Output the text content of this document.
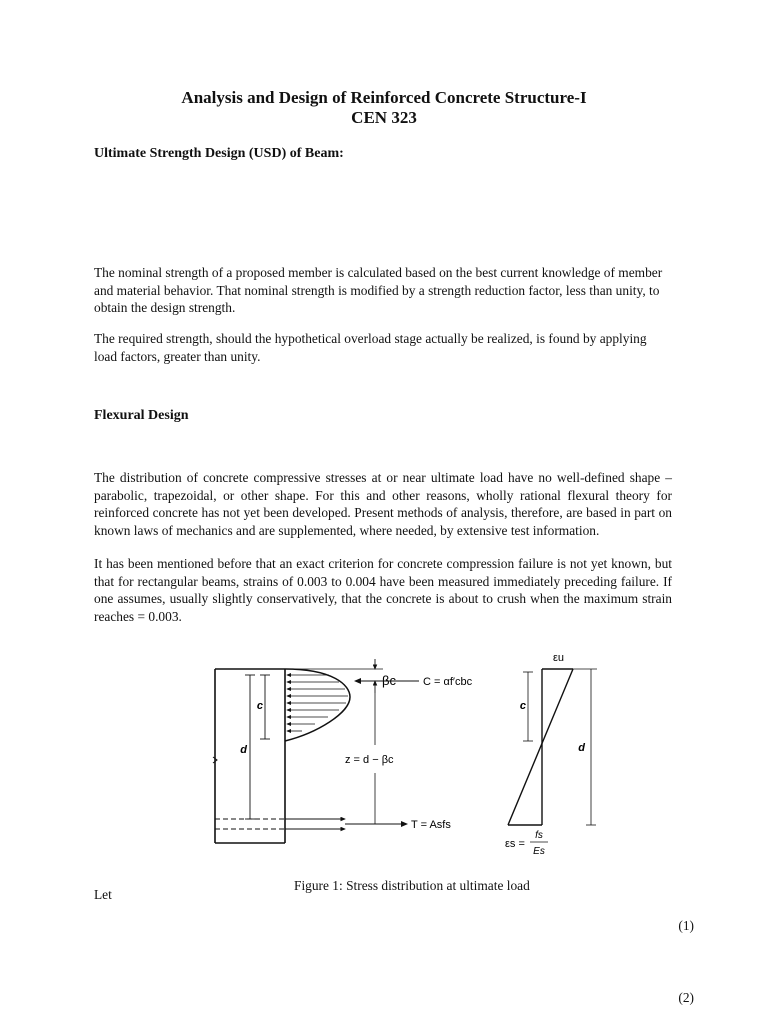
Analysis and Design of Reinforced Concrete Structure-I
CEN 323
Ultimate Strength Design (USD) of Beam:
The nominal strength of a proposed member is calculated based on the best current knowledge of member and material behavior. That nominal strength is modified by a strength reduction factor, less than unity, to obtain the design strength.
The required strength, should the hypothetical overload stage actually be realized, is found by applying load factors, greater than unity.
Flexural Design
The distribution of concrete compressive stresses at or near ultimate load have no well-defined shape –parabolic, trapezoidal, or other shape. For this and other reasons, wholly rational flexural theory for reinforced concrete has not yet been developed. Present methods of analysis, therefore, are based in part on known laws of mechanics and are supplemented, where needed, by extensive test information.
It has been mentioned before that an exact criterion for concrete compression failure is not yet known, but that for rectangular beams, strains of 0.003 to 0.004 have been measured immediately preceding failure. If one assumes, usually slightly conservatively, that the concrete is about to crush when the maximum strain reaches = 0.003.
c
d
βc C = αf′cbc
z = d − βc
T = Asfs
εu
c
d
εs =
fs
Es
Figure 1: Stress distribution at ultimate load
Let
(1)
(2)
